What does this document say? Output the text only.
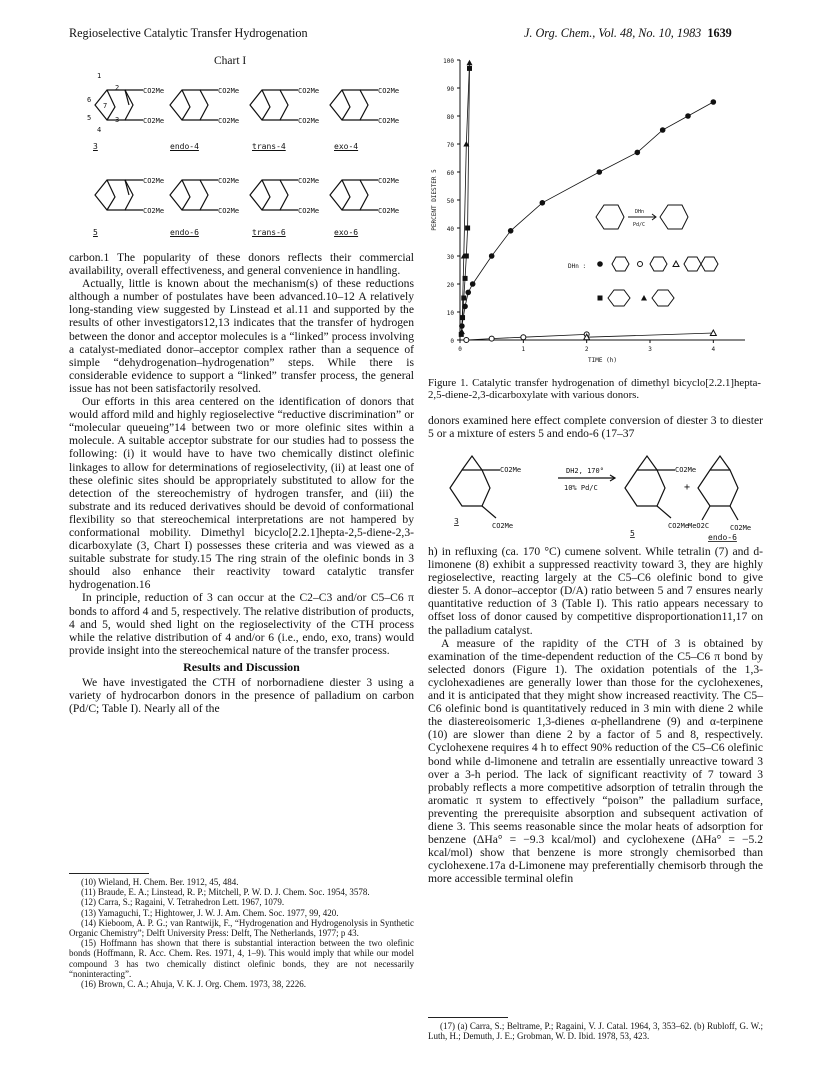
Regioselective Catalytic Transfer Hydrogenation	J. Org. Chem., Vol. 48, No. 10, 1983 1639
Chart I
CO2Me
CO2Me
CO2Me
CO2Me
CO2Me
CO2Me
CO2Me
CO2Me
CO2Me
CO2Me
CO2Me
CO2Me
CO2Me
CO2Me
CO2Me
CO2Me
1
2
3
4
5
6
7
3	endo-4	trans-4	exo-4
5	endo-6	trans-6	exo-6

carbon.1 The popularity of these donors reflects their commercial availability, overall effectiveness, and general convenience in handling.

Actually, little is known about the mechanism(s) of these reductions although a number of postulates have been advanced.10–12 A relatively long-standing view suggested by Linstead et al.11 and supported by the results of other investigators12,13 indicates that the transfer of hydrogen between the donor and acceptor molecules is a “linked” process involving a catalyst-mediated donor–acceptor complex rather than a sequence of simple “dehydrogenation–hydrogenation” steps. While there is considerable evidence to support a “linked” transfer process, the general issue has not been satisfactorily resolved.

Our efforts in this area centered on the identification of donors that would afford mild and highly regioselective “reductive discrimination” or “molecular queueing”14 between two or more olefinic sites within a molecule. A suitable acceptor substrate for our studies had to possess the following: (i) it would have to have two chemically distinct olefinic linkages to allow for determinations of regioselectivity, (ii) at least one of these olefinic sites should be appropriately substituted to allow for the detection of the stereochemistry of hydrogen transfer, and (iii) the substrate and its reduced derivatives should be devoid of conformational flexibility so that stereochemical interpretations are not hampered by conformational mobility. Dimethyl bicyclo[2.2.1]hepta-2,5-diene-2,3-dicarboxylate (3, Chart I) possesses these criteria and was viewed as a suitable substrate for study.15 The ring strain of the olefinic bonds in 3 should also enhance their reactivity toward catalytic transfer hydrogenation.16

In principle, reduction of 3 can occur at the C2–C3 and/or C5–C6 π bonds to afford 4 and 5, respectively. The relative distribution of products, 4 and 5, would shed light on the regioselectivity of the CTH process while the relative distribution of 4 and/or 6 (i.e., endo, exo, trans) would provide insight into the stereochemical nature of the transfer process.

Results and Discussion

We have investigated the CTH of norbornadiene diester 3 using a variety of hydrocarbon donors in the presence of palladium on carbon (Pd/C; Table I). Nearly all of the

(10) Wieland, H. Chem. Ber. 1912, 45, 484.

(11) Braude, E. A.; Linstead, R. P.; Mitchell, P. W. D. J. Chem. Soc. 1954, 3578.

(12) Carra, S.; Ragaini, V. Tetrahedron Lett. 1967, 1079.

(13) Yamaguchi, T.; Hightower, J. W. J. Am. Chem. Soc. 1977, 99, 420.

(14) Kieboom, A. P. G.; van Rantwijk, F., “Hydrogenation and Hydrogenolysis in Synthetic Organic Chemistry”; Delft University Press: Delft, The Netherlands, 1977; p 43.

(15) Hoffmann has shown that there is substantial interaction between the two olefinic bonds (Hoffmann, R. Acc. Chem. Res. 1971, 4, 1–9). This would imply that while our model compound 3 has two chemically distinct olefinic bonds, they are not necessarily “noninteracting”.

(16) Brown, C. A.; Ahuja, V. K. J. Org. Chem. 1973, 38, 2226.

0
10
20
30
40
50
60
70
80
90
100
0	1	2	3	4
TIME (h)
PERCENT DIESTER 5	DHn
Pd/C
DHn :
Figure 1. Catalytic transfer hydrogenation of dimethyl bicyclo[2.2.1]hepta-2,5-diene-2,3-dicarboxylate with various donors.

donors examined here effect complete conversion of diester 3 to diester 5 or a mixture of esters 5 and endo-6 (17–37

CO2Me
CO2Me
CO2Me
CO2Me	CO2Me
MeO2C
DH2, 170°
10% Pd/C	+
3
5	endo-6

h) in refluxing (ca. 170 °C) cumene solvent. While tetralin (7) and d-limonene (8) exhibit a suppressed reactivity toward 3, they are highly regioselective, reacting largely at the C5–C6 olefinic bond to give diester 5. A donor–acceptor (D/A) ratio between 5 and 7 ensures nearly quantitative reduction of 3 (Table I). This ratio appears necessary to offset loss of donor caused by competitive disproportionation11,17 on the palladium catalyst.

A measure of the rapidity of the CTH of 3 is obtained by examination of the time-dependent reduction of the C5–C6 π bond by selected donors (Figure 1). The oxidation potentials of the 1,3-cyclohexadienes are generally lower than those for the cyclohexenes, and it is anticipated that they might show increased reactivity. The C5–C6 olefinic bond is quantitatively reduced in 3 min with diene 2 while the diastereoisomeric 1,3-dienes α-phellandrene (9) and α-terpinene (10) are slower than diene 2 by a factor of 5 and 8, respectively. Cyclohexene requires 4 h to effect 90% reduction of the C5–C6 olefinic bond while d-limonene and tetralin are essentially unreactive toward 3 over a 3-h period. The lack of significant reactivity of 7 toward 3 probably reflects a more competitive adsorption of tetralin through the aromatic π system to effectively “poison” the palladium surface, preventing the prerequisite absorption and subsequent activation of diene 3. This seems reasonable since the molar heats of adsorption for benzene (ΔHa° = −9.3 kcal/mol) and cyclohexene (ΔHa° = −5.2 kcal/mol) show that benzene is more strongly chemisorbed than cyclohexene.17a d-Limonene may preferentially chemisorb through the more accessible terminal olefin

(17) (a) Carra, S.; Beltrame, P.; Ragaini, V. J. Catal. 1964, 3, 353–62. (b) Rubloff, G. W.; Luth, H.; Demuth, J. E.; Grobman, W. D. Ibid. 1978, 53, 423.
